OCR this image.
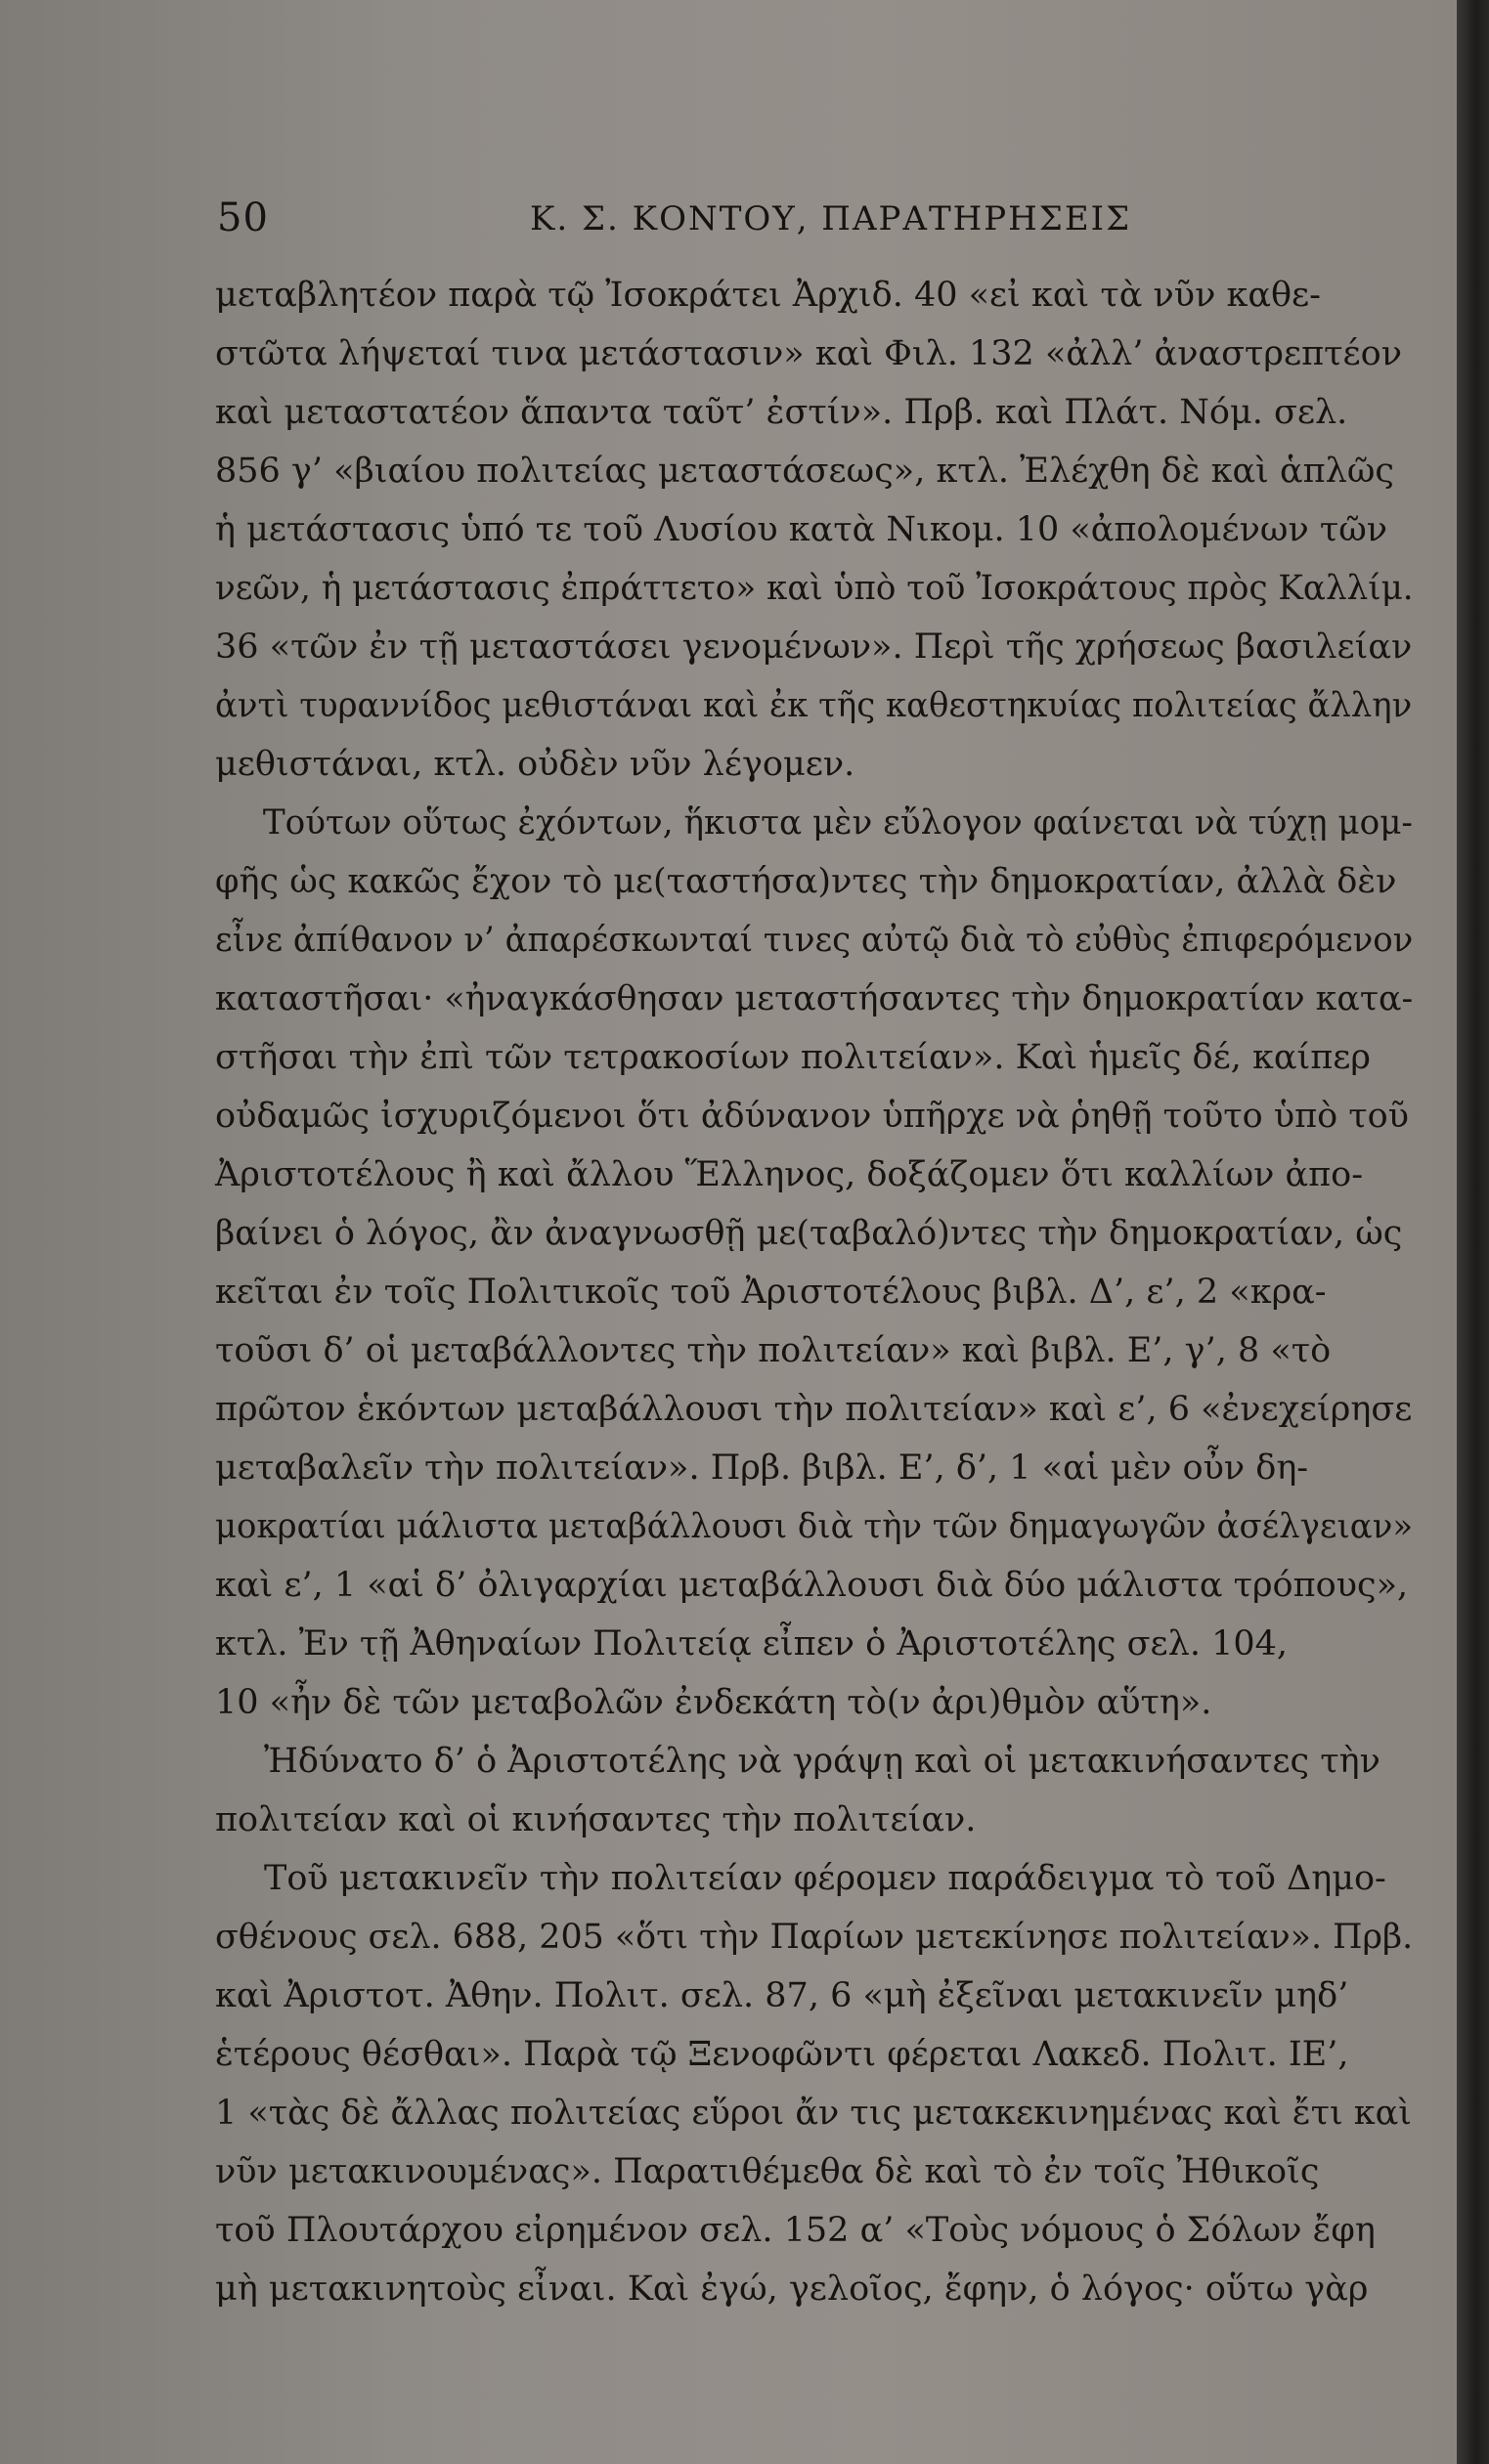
50	Κ. Σ. ΚΟΝΤΟΥ, ΠΑΡΑΤΗΡΗΣΕΙΣ
μεταβλητέον παρὰ τῷ Ἰσοκράτει Ἀρχιδ. 40 «εἰ καὶ τὰ νῦν καθε-
στῶτα λήψεταί τινα μετάστασιν» καὶ Φιλ. 132 «ἀλλ’ ἀναστρεπτέον
καὶ μεταστατέον ἅπαντα ταῦτ’ ἐστίν». Πρβ. καὶ Πλάτ. Νόμ. σελ.
856 γ’ «βιαίου πολιτείας μεταστάσεως», κτλ. Ἐλέχθη δὲ καὶ ἁπλῶς
ἡ μετάστασις ὑπό τε τοῦ Λυσίου κατὰ Νικομ. 10 «ἀπολομένων τῶν
νεῶν, ἡ μετάστασις ἐπράττετο» καὶ ὑπὸ τοῦ Ἰσοκράτους πρὸς Καλλίμ.
36 «τῶν ἐν τῇ μεταστάσει γενομένων». Περὶ τῆς χρήσεως βασιλείαν
ἀντὶ τυραννίδος μεθιστάναι καὶ ἐκ τῆς καθεστηκυίας πολιτείας ἄλλην
μεθιστάναι, κτλ. οὐδὲν νῦν λέγομεν.
Τούτων οὕτως ἐχόντων, ἥκιστα μὲν εὔλογον φαίνεται νὰ τύχῃ μομ-
φῆς ὡς κακῶς ἔχον τὸ με(ταστήσα)ντες τὴν δημοκρατίαν, ἀλλὰ δὲν
εἶνε ἀπίθανον ν’ ἀπαρέσκωνταί τινες αὐτῷ διὰ τὸ εὐθὺς ἐπιφερόμενον
καταστῆσαι· «ἠναγκάσθησαν μεταστήσαντες τὴν δημοκρατίαν κατα-
στῆσαι τὴν ἐπὶ τῶν τετρακοσίων πολιτείαν». Καὶ ἡμεῖς δέ, καίπερ
οὐδαμῶς ἰσχυριζόμενοι ὅτι ἀδύνανον ὑπῆρχε νὰ ῥηθῇ τοῦτο ὑπὸ τοῦ
Ἀριστοτέλους ἢ καὶ ἄλλου Ἕλληνος, δοξάζομεν ὅτι καλλίων ἀπο-
βαίνει ὁ λόγος, ἂν ἀναγνωσθῇ με(ταβαλό)ντες τὴν δημοκρατίαν, ὡς
κεῖται ἐν τοῖς Πολιτικοῖς τοῦ Ἀριστοτέλους βιβλ. Δ’, ε’, 2 «κρα-
τοῦσι δ’ οἱ μεταβάλλοντες τὴν πολιτείαν» καὶ βιβλ. Ε’, γ’, 8 «τὸ
πρῶτον ἑκόντων μεταβάλλουσι τὴν πολιτείαν» καὶ ε’, 6 «ἐνεχείρησε
μεταβαλεῖν τὴν πολιτείαν». Πρβ. βιβλ. Ε’, δ’, 1 «αἱ μὲν οὖν δη-
μοκρατίαι μάλιστα μεταβάλλουσι διὰ τὴν τῶν δημαγωγῶν ἀσέλγειαν»
καὶ ε’, 1 «αἱ δ’ ὀλιγαρχίαι μεταβάλλουσι διὰ δύο μάλιστα τρόπους»,
κτλ. Ἐν τῇ Ἀθηναίων Πολιτείᾳ εἶπεν ὁ Ἀριστοτέλης σελ. 104,
10 «ἦν δὲ τῶν μεταβολῶν ἐνδεκάτη τὸ(ν ἀρι)θμὸν αὕτη».
Ἠδύνατο δ’ ὁ Ἀριστοτέλης νὰ γράψῃ καὶ οἱ μετακινήσαντες τὴν
πολιτείαν καὶ οἱ κινήσαντες τὴν πολιτείαν.
Τοῦ μετακινεῖν τὴν πολιτείαν φέρομεν παράδειγμα τὸ τοῦ Δημο-
σθένους σελ. 688, 205 «ὅτι τὴν Παρίων μετεκίνησε πολιτείαν». Πρβ.
καὶ Ἀριστοτ. Ἀθην. Πολιτ. σελ. 87, 6 «μὴ ἐξεῖναι μετακινεῖν μηδ’
ἑτέρους θέσθαι». Παρὰ τῷ Ξενοφῶντι φέρεται Λακεδ. Πολιτ. ΙΕ’,
1 «τὰς δὲ ἄλλας πολιτείας εὕροι ἄν τις μετακεκινημένας καὶ ἔτι καὶ
νῦν μετακινουμένας». Παρατιθέμεθα δὲ καὶ τὸ ἐν τοῖς Ἠθικοῖς
τοῦ Πλουτάρχου εἰρημένον σελ. 152 α’ «Τοὺς νόμους ὁ Σόλων ἔφη
μὴ μετακινητοὺς εἶναι. Καὶ ἐγώ, γελοῖος, ἔφην, ὁ λόγος· οὕτω γὰρ
